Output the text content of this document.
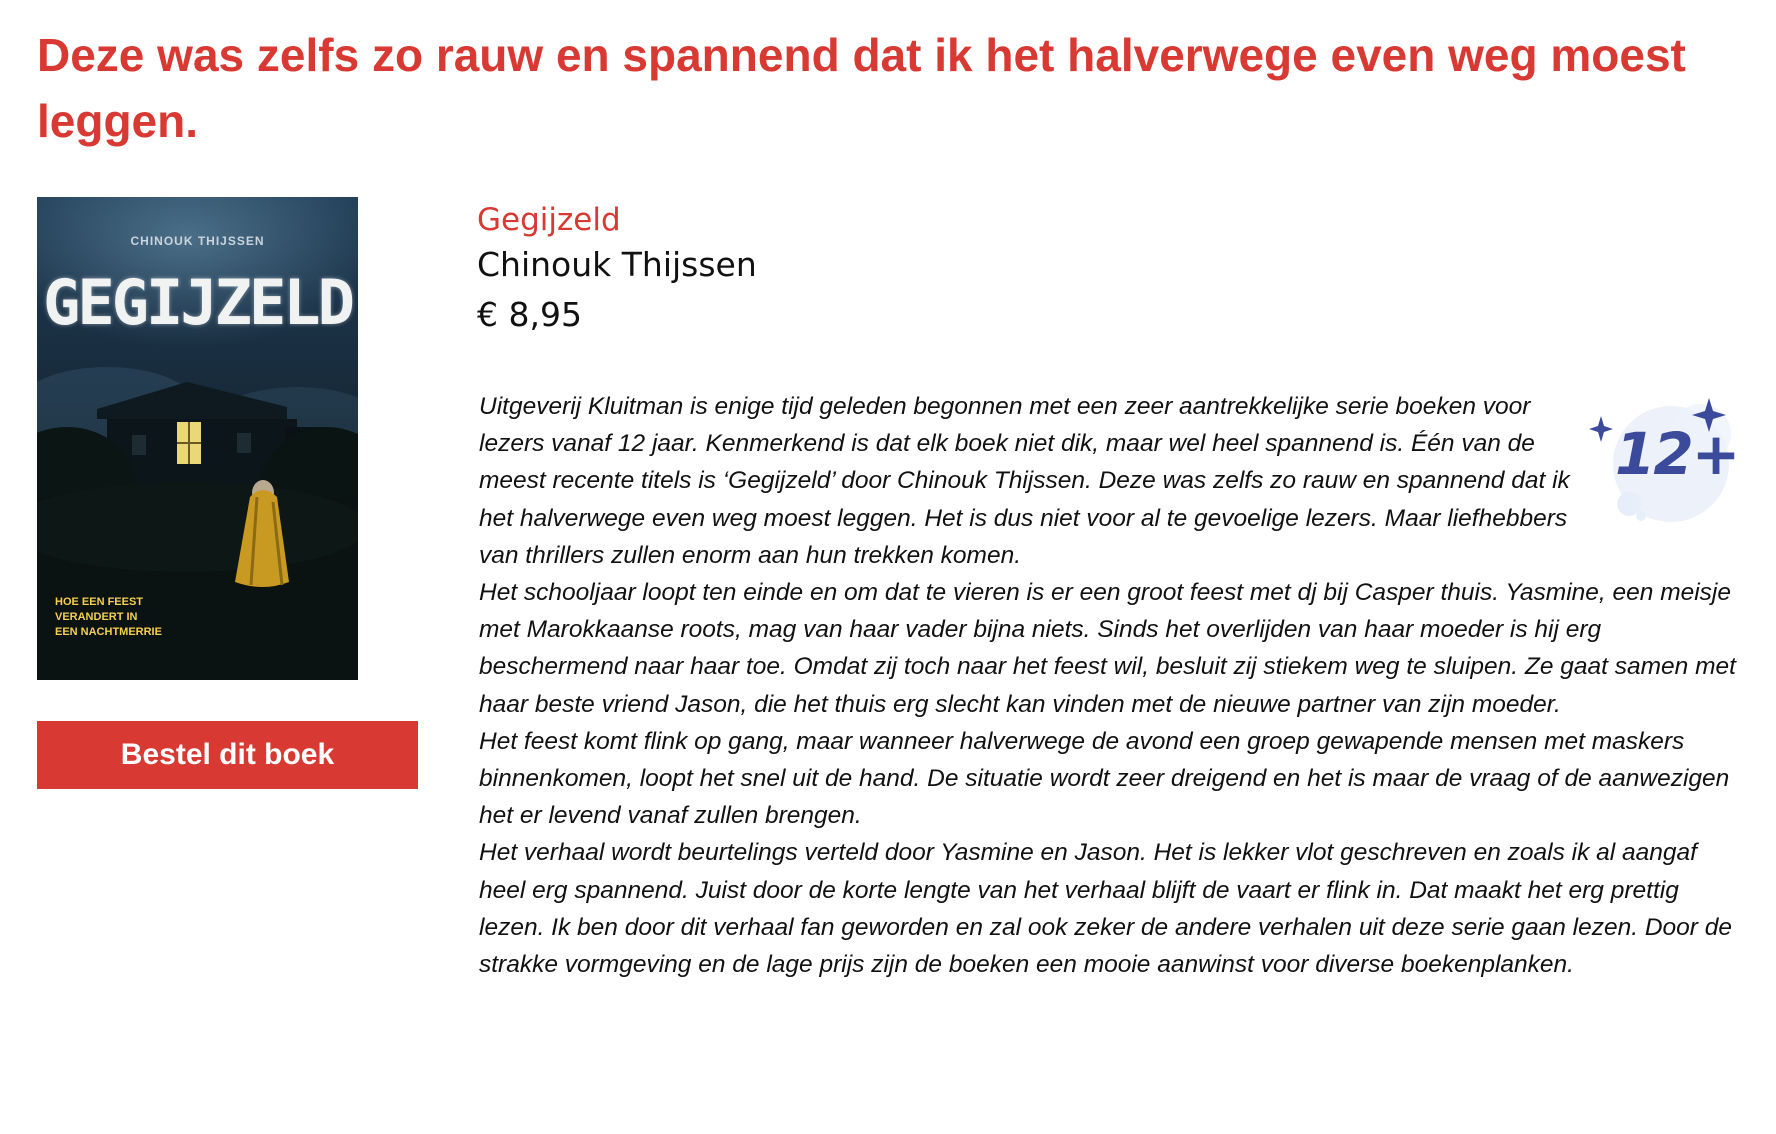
Deze was zelfs zo rauw en spannend dat ik het halverwege even weg moest leggen.
CHINOUK THIJSSEN
GEGIJZELD
HOE EEN FEEST
VERANDERT IN
EEN NACHTMERRIE
Bestel dit boek
Gegijzeld
Chinouk Thijssen
€ 8,95
12+

Uitgeverij Kluitman is enige tijd geleden begonnen met een zeer aantrekkelijke serie boeken voor lezers vanaf 12 jaar. Kenmerkend is dat elk boek niet dik, maar wel heel spannend is. Één van de meest recente titels is ‘Gegijzeld’ door Chinouk Thijssen. Deze was zelfs zo rauw en spannend dat ik het halverwege even weg moest leggen. Het is dus niet voor al te gevoelige lezers. Maar liefhebbers van thrillers zullen enorm aan hun trekken komen.

Het schooljaar loopt ten einde en om dat te vieren is er een groot feest met dj bij Casper thuis. Yasmine, een meisje met Marokkaanse roots, mag van haar vader bijna niets. Sinds het overlijden van haar moeder is hij erg beschermend naar haar toe. Omdat zij toch naar het feest wil, besluit zij stiekem weg te sluipen. Ze gaat samen met haar beste vriend Jason, die het thuis erg slecht kan vinden met de nieuwe partner van zijn moeder.

Het feest komt flink op gang, maar wanneer halverwege de avond een groep gewapende mensen met maskers binnenkomen, loopt het snel uit de hand. De situatie wordt zeer dreigend en het is maar de vraag of de aanwezigen het er levend vanaf zullen brengen.

Het verhaal wordt beurtelings verteld door Yasmine en Jason. Het is lekker vlot geschreven en zoals ik al aangaf heel erg spannend. Juist door de korte lengte van het verhaal blijft de vaart er flink in. Dat maakt het erg prettig lezen. Ik ben door dit verhaal fan geworden en zal ook zeker de andere verhalen uit deze serie gaan lezen. Door de strakke vormgeving en de lage prijs zijn de boeken een mooie aanwinst voor diverse boekenplanken.
